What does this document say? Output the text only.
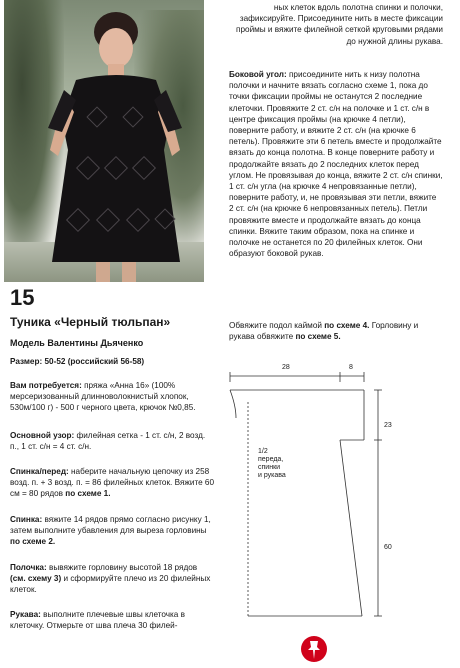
15
Туника «Черный тюльпан»
Модель Валентины Дьяченко
Размер: 50-52 (российский 56-58)
Вам потребуется: пряжа «Анна 16» (100% мерсеризованный длинноволокнистый хлопок, 530м/100 г) - 500 г черного цвета, крючок №0,85.
Основной узор: филейная сетка - 1 ст. с/н, 2 возд. п., 1 ст. с/н = 4 ст. с/н.
Спинка/перед: наберите начальную цепочку из 258 возд. п. + 3 возд. п. = 86 филейных клеток. Вяжите 60 см = 80 рядов по схеме 1.
Спинка: вяжите 14 рядов прямо согласно рисунку 1, затем выполните убавления для выреза горловины по схеме 2.
Полочка: вывяжите горловину высотой 18 рядов (см. схему 3) и сформируйте плечо из 20 филейных клеток.
Рукава: выполните плечевые швы клеточка в клеточку. Отмерьте от шва плеча 30 филей-
ных клеток вдоль полотна спинки и полочки, зафиксируйте. Присоедините нить в месте фиксации проймы и вяжите филейной сеткой круговыми рядами до нужной длины рукава.
Боковой угол: присоедините нить к низу полотна полочки и начните вязать согласно схеме 1, пока до точки фиксации проймы не останутся 2 последние клеточки. Провяжите 2 ст. с/н на полочке и 1 ст. с/н в центре фиксация проймы (на крючке 4 петли), поверните работу, и вяжите 2 ст. с/н (на крючке 6 петель). Провяжите эти 6 петель вместе и продолжайте вязать до конца полотна. В конце поверните работу и продолжайте вязать до 2 последних клеток перед углом. Не провязывая до конца, вяжите 2 ст. с/н спинки, 1 ст. с/н угла (на крючке 4 непровязанные петли), поверните работу, и, не провязывая эти петли, вяжите 2 ст. с/н (на крючке 6 непровязанных петель). Петли провяжите вместе и продолжайте вязать до конца спинки. Вяжите таким образом, пока на спинке и полочке не останется по 20 филейных клеток. Они образуют боковой рукав.
Обвяжите подол каймой по схеме 4. Горловину и рукава обвяжите по схеме 5.
28	8
23
60
1/2
переда,
спинки
и рукава
